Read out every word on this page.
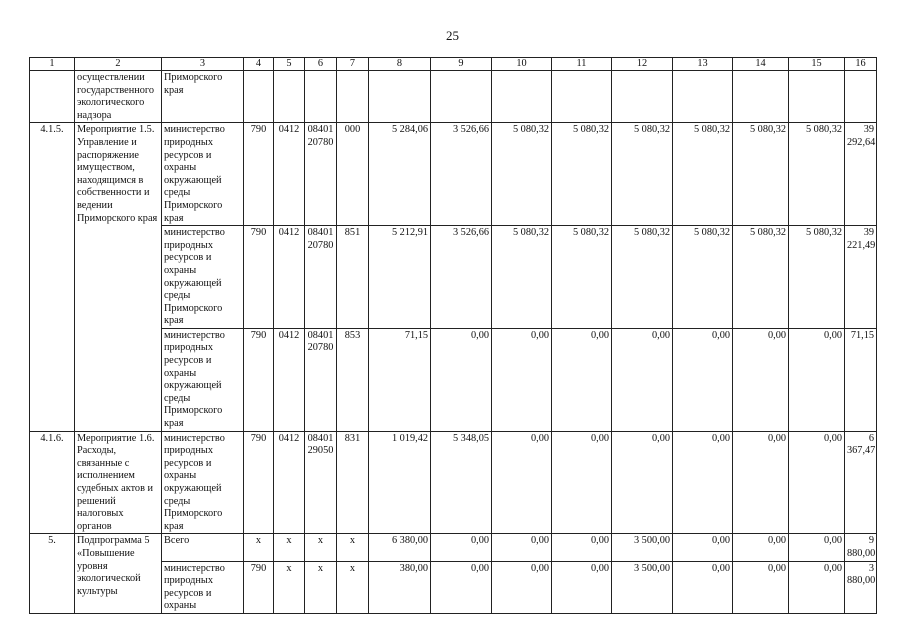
25
1	2	3	4	5	6	7	8	9	10	11	12	13	14	15	16
	осуществлении государственного экологического надзора	Приморского края													
4.1.5.	Мероприятие 1.5. Управление и распоряжение имуществом, находящимся в собственности и ведении Приморского края	министерство природных ресурсов и охраны окружающей среды Приморского края	790	0412	08401 20780	000	5 284,06	3 526,66	5 080,32	5 080,32	5 080,32	5 080,32	5 080,32	5 080,32	39 292,64
		министерство природных ресурсов и охраны окружающей среды Приморского края	790	0412	08401 20780	851	5 212,91	3 526,66	5 080,32	5 080,32	5 080,32	5 080,32	5 080,32	5 080,32	39 221,49
		министерство природных ресурсов и охраны окружающей среды Приморского края	790	0412	08401 20780	853	71,15	0,00	0,00	0,00	0,00	0,00	0,00	0,00	71,15
4.1.6.	Мероприятие 1.6. Расходы, связанные с исполнением судебных актов и решений налоговых органов	министерство природных ресурсов и охраны окружающей среды Приморского края	790	0412	08401 29050	831	1 019,42	5 348,05	0,00	0,00	0,00	0,00	0,00	0,00	6 367,47
5.	Подпрограмма 5 «Повышение уровня экологической культуры	Всего	x	x	x	x	6 380,00	0,00	0,00	0,00	3 500,00	0,00	0,00	0,00	9 880,00
		министерство природных ресурсов и охраны	790	x	x	x	380,00	0,00	0,00	0,00	3 500,00	0,00	0,00	0,00	3 880,00
